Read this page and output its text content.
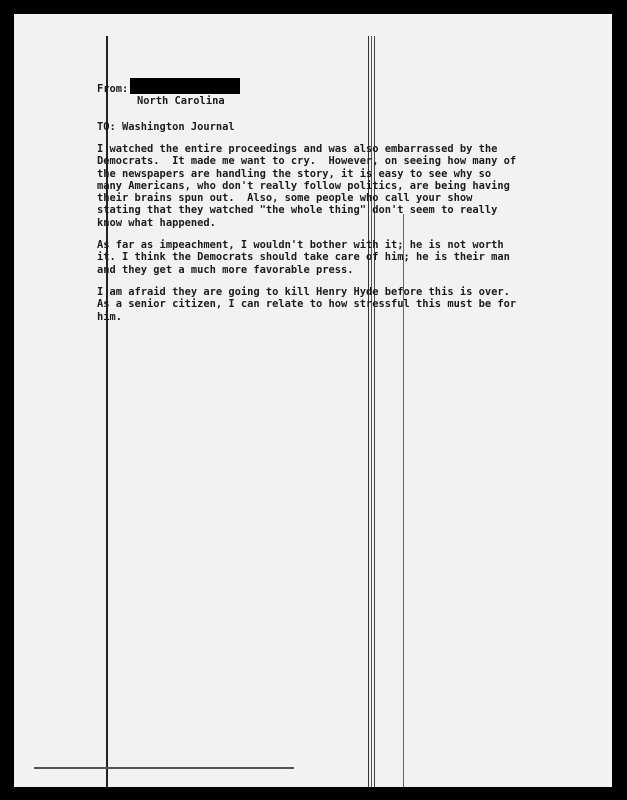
From:
North Carolina
TO: Washington Journal
I watched the entire proceedings and was also embarrassed by the
Democrats.  It made me want to cry.  However, on seeing how many of
the newspapers are handling the story, it is easy to see why so
many Americans, who don't really follow politics, are being having
their brains spun out.  Also, some people who call your show
stating that they watched "the whole thing" don't seem to really
know what happened.
As far as impeachment, I wouldn't bother with it; he is not worth
it. I think the Democrats should take care of him; he is their man
and they get a much more favorable press.
I am afraid they are going to kill Henry Hyde before this is over.
As a senior citizen, I can relate to how stressful this must be for
him.
